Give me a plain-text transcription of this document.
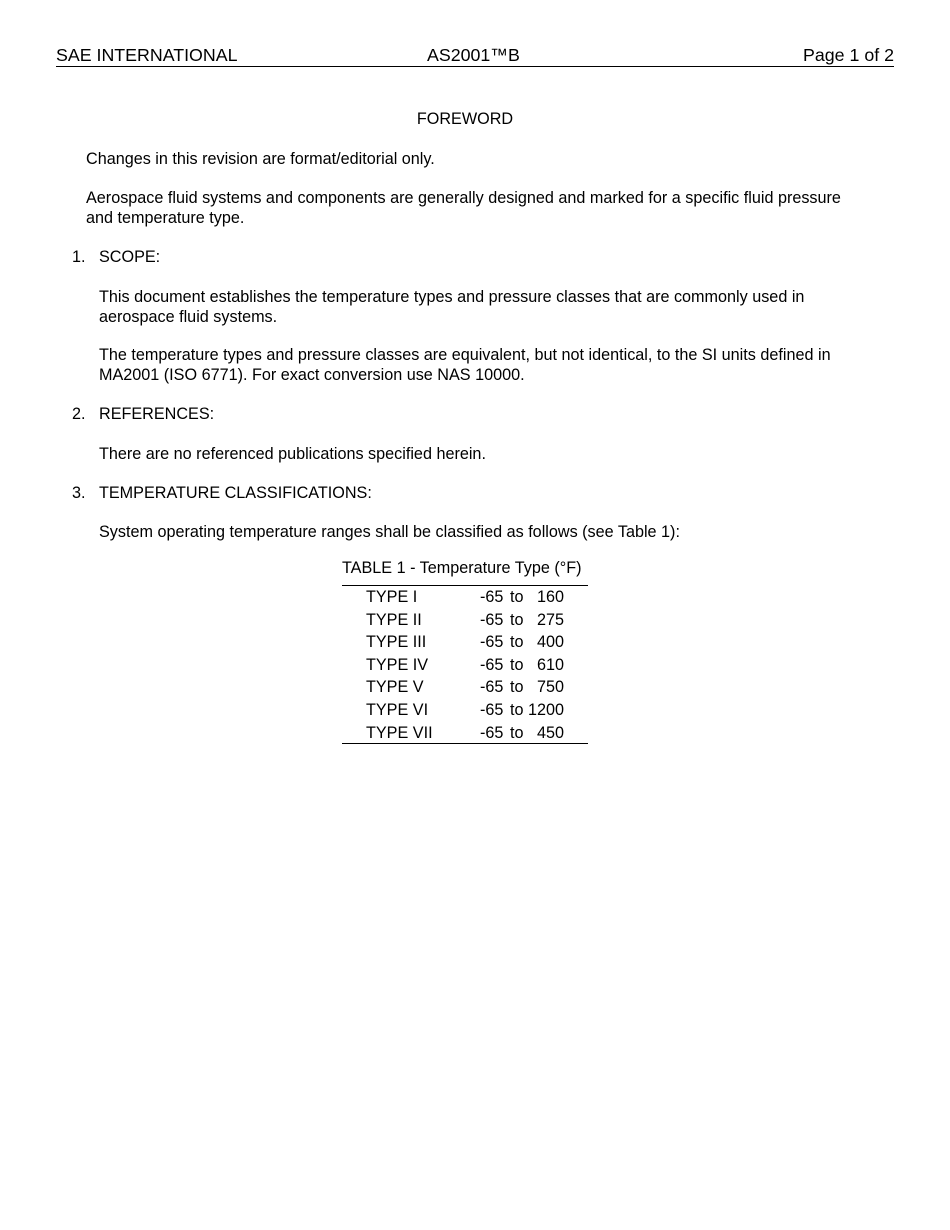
SAE INTERNATIONAL	AS2001™B	Page 1 of 2
FOREWORD
Changes in this revision are format/editorial only.
Aerospace fluid systems and components are generally designed and marked for a specific fluid pressure and temperature type.
1. SCOPE:
This document establishes the temperature types and pressure classes that are commonly used in aerospace fluid systems.
The temperature types and pressure classes are equivalent, but not identical, to the SI units defined in MA2001 (ISO 6771). For exact conversion use NAS 10000.
2. REFERENCES:
There are no referenced publications specified herein.
3. TEMPERATURE CLASSIFICATIONS:
System operating temperature ranges shall be classified as follows (see Table 1):
TABLE 1 - Temperature Type (°F)
TYPE I	-65 to 160
TYPE II	-65 to 275
TYPE III	-65 to 400
TYPE IV	-65 to 610
TYPE V	-65 to 750
TYPE VI	-65 to 1200
TYPE VII	-65 to 450
